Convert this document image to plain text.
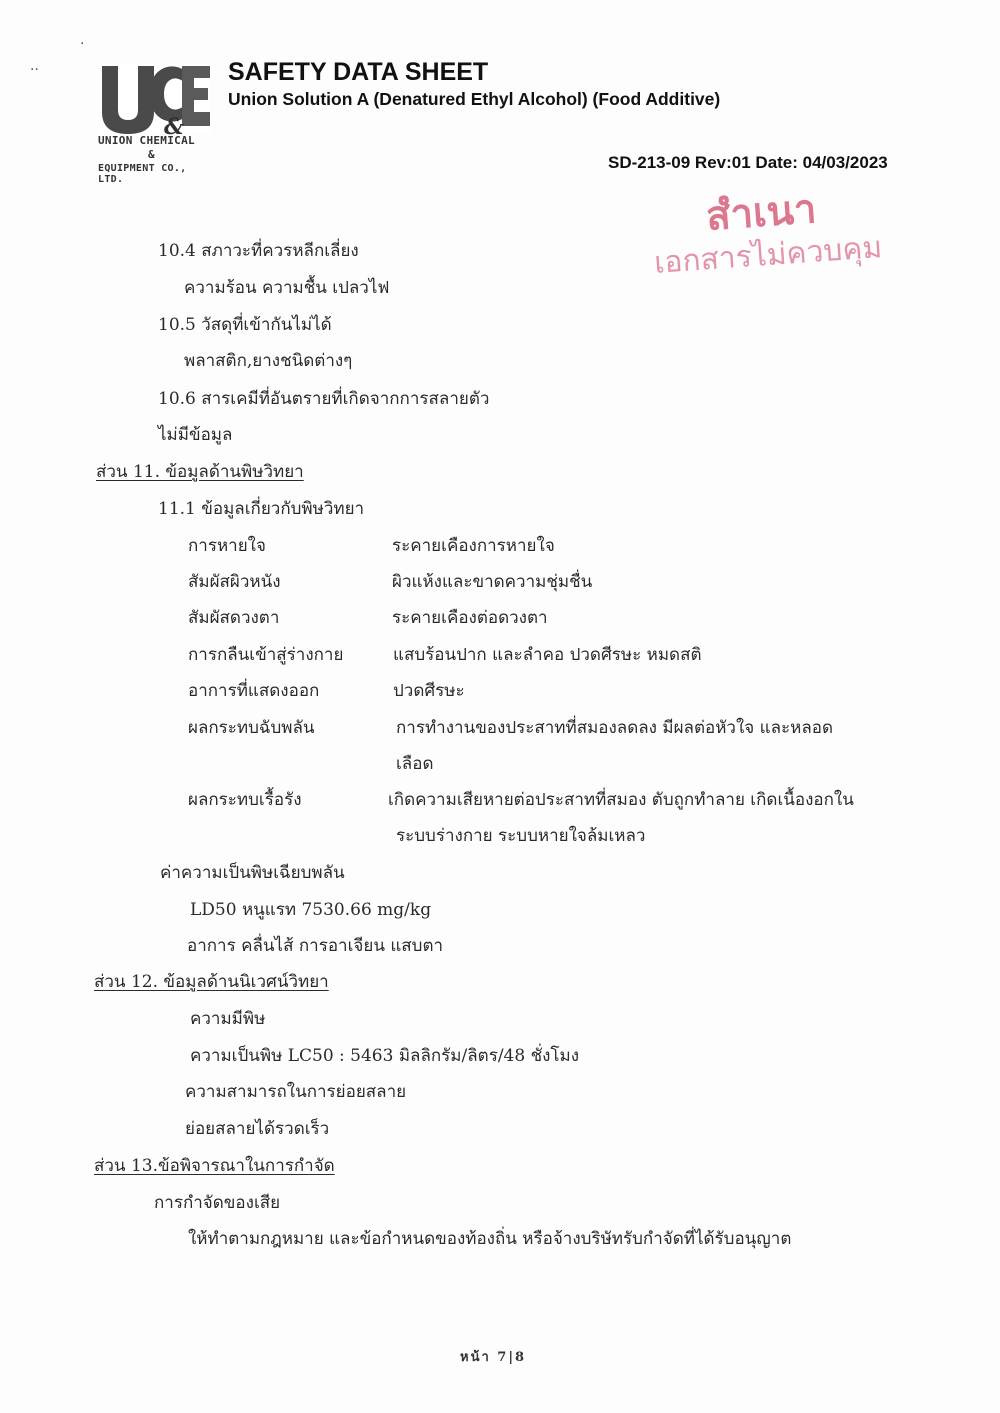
··
·
&
UNION CHEMICAL
&
EQUIPMENT CO., LTD.
SAFETY DATA SHEET
Union Solution A (Denatured Ethyl Alcohol) (Food Additive)
SD-213-09 Rev:01 Date: 04/03/2023
สำเนา
เอกสารไม่ควบคุม
10.4 สภาวะที่ควรหลีกเลี่ยง
ความร้อน ความชื้น เปลวไฟ
10.5 วัสดุที่เข้ากันไม่ได้
พลาสติก,ยางชนิดต่างๆ
10.6 สารเคมีที่อันตรายที่เกิดจากการสลายตัว
ไม่มีข้อมูล
ส่วน 11. ข้อมูลด้านพิษวิทยา
11.1 ข้อมูลเกี่ยวกับพิษวิทยา
การหายใจ	ระคายเคืองการหายใจ
สัมผัสผิวหนัง	ผิวแห้งและขาดความชุ่มชื่น
สัมผัสดวงตา	ระคายเคืองต่อดวงตา
การกลืนเข้าสู่ร่างกาย	แสบร้อนปาก และลำคอ ปวดศีรษะ หมดสติ
อาการที่แสดงออก	ปวดศีรษะ
ผลกระทบฉับพลัน	การทำงานของประสาทที่สมองลดลง มีผลต่อหัวใจ และหลอด
เลือด
ผลกระทบเรื้อรัง	เกิดความเสียหายต่อประสาทที่สมอง ตับถูกทำลาย เกิดเนื้องอกใน
ระบบร่างกาย ระบบหายใจล้มเหลว
ค่าความเป็นพิษเฉียบพลัน
LD50 หนูแรท 7530.66 mg/kg
อาการ คลื่นไส้ การอาเจียน แสบตา
ส่วน 12. ข้อมูลด้านนิเวศน์วิทยา
ความมีพิษ
ความเป็นพิษ LC50 : 5463 มิลลิกรัม/ลิตร/48 ชั่งโมง
ความสามารถในการย่อยสลาย
ย่อยสลายได้รวดเร็ว
ส่วน 13.ข้อพิจารณาในการกำจัด
การกำจัดของเสีย
ให้ทำตามกฎหมาย และข้อกำหนดของท้องถิ่น หรือจ้างบริษัทรับกำจัดที่ได้รับอนุญาต
หน้า 7|8
